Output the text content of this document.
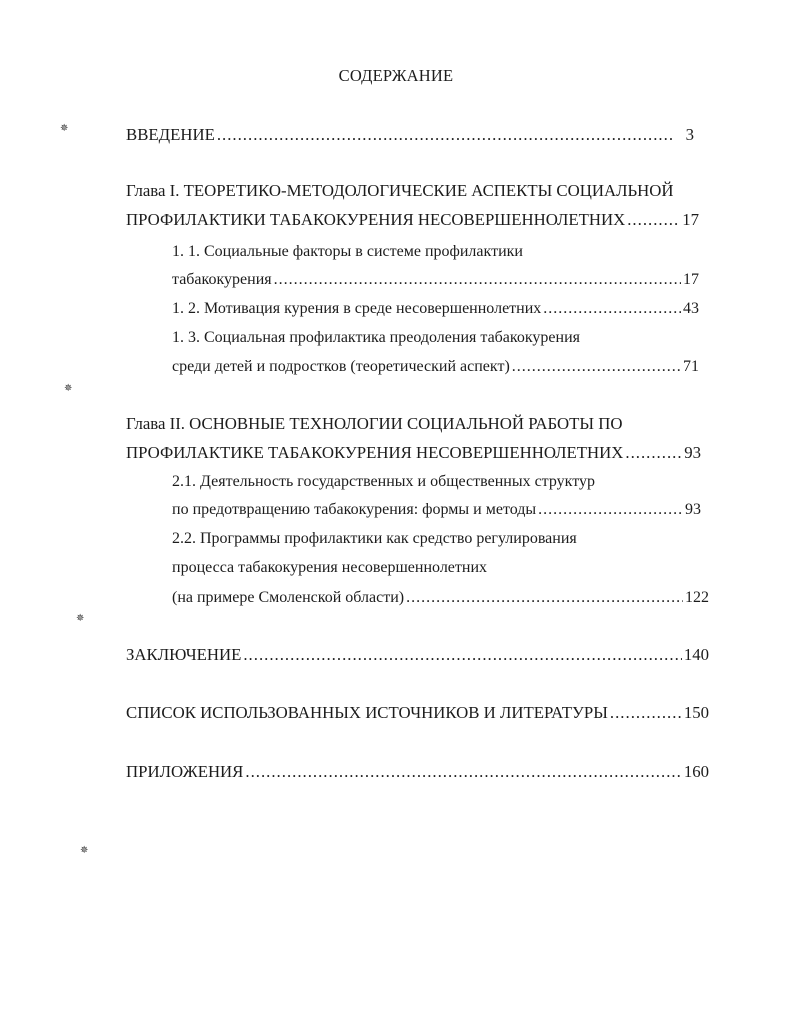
СОДЕРЖАНИЕ
ВВЕДЕНИЕ .....	3
Глава I. ТЕОРЕТИКО-МЕТОДОЛОГИЧЕСКИЕ АСПЕКТЫ СОЦИАЛЬНОЙ
ПРОФИЛАКТИКИ ТАБАКОКУРЕНИЯ НЕСОВЕРШЕННОЛЕТНИХ .....	17
1. 1. Социальные факторы в системе профилактики
табакокурения .....	17
1. 2. Мотивация курения в среде несовершеннолетних .....	43
1. 3. Социальная профилактика преодоления табакокурения
среди детей и подростков (теоретический аспект) .....	71
Глава II. ОСНОВНЫЕ ТЕХНОЛОГИИ СОЦИАЛЬНОЙ РАБОТЫ ПО
ПРОФИЛАКТИКЕ ТАБАКОКУРЕНИЯ НЕСОВЕРШЕННОЛЕТНИХ .....	93
2.1. Деятельность государственных и общественных структур
по предотвращению табакокурения: формы и методы .....	93
2.2. Программы профилактики как средство регулирования
процесса табакокурения несовершеннолетних
(на примере Смоленской области) .....	122
ЗАКЛЮЧЕНИЕ .....	140
СПИСОК ИСПОЛЬЗОВАННЫХ ИСТОЧНИКОВ И ЛИТЕРАТУРЫ .....	150
ПРИЛОЖЕНИЯ .....	160
✵
✵
✵
✵
